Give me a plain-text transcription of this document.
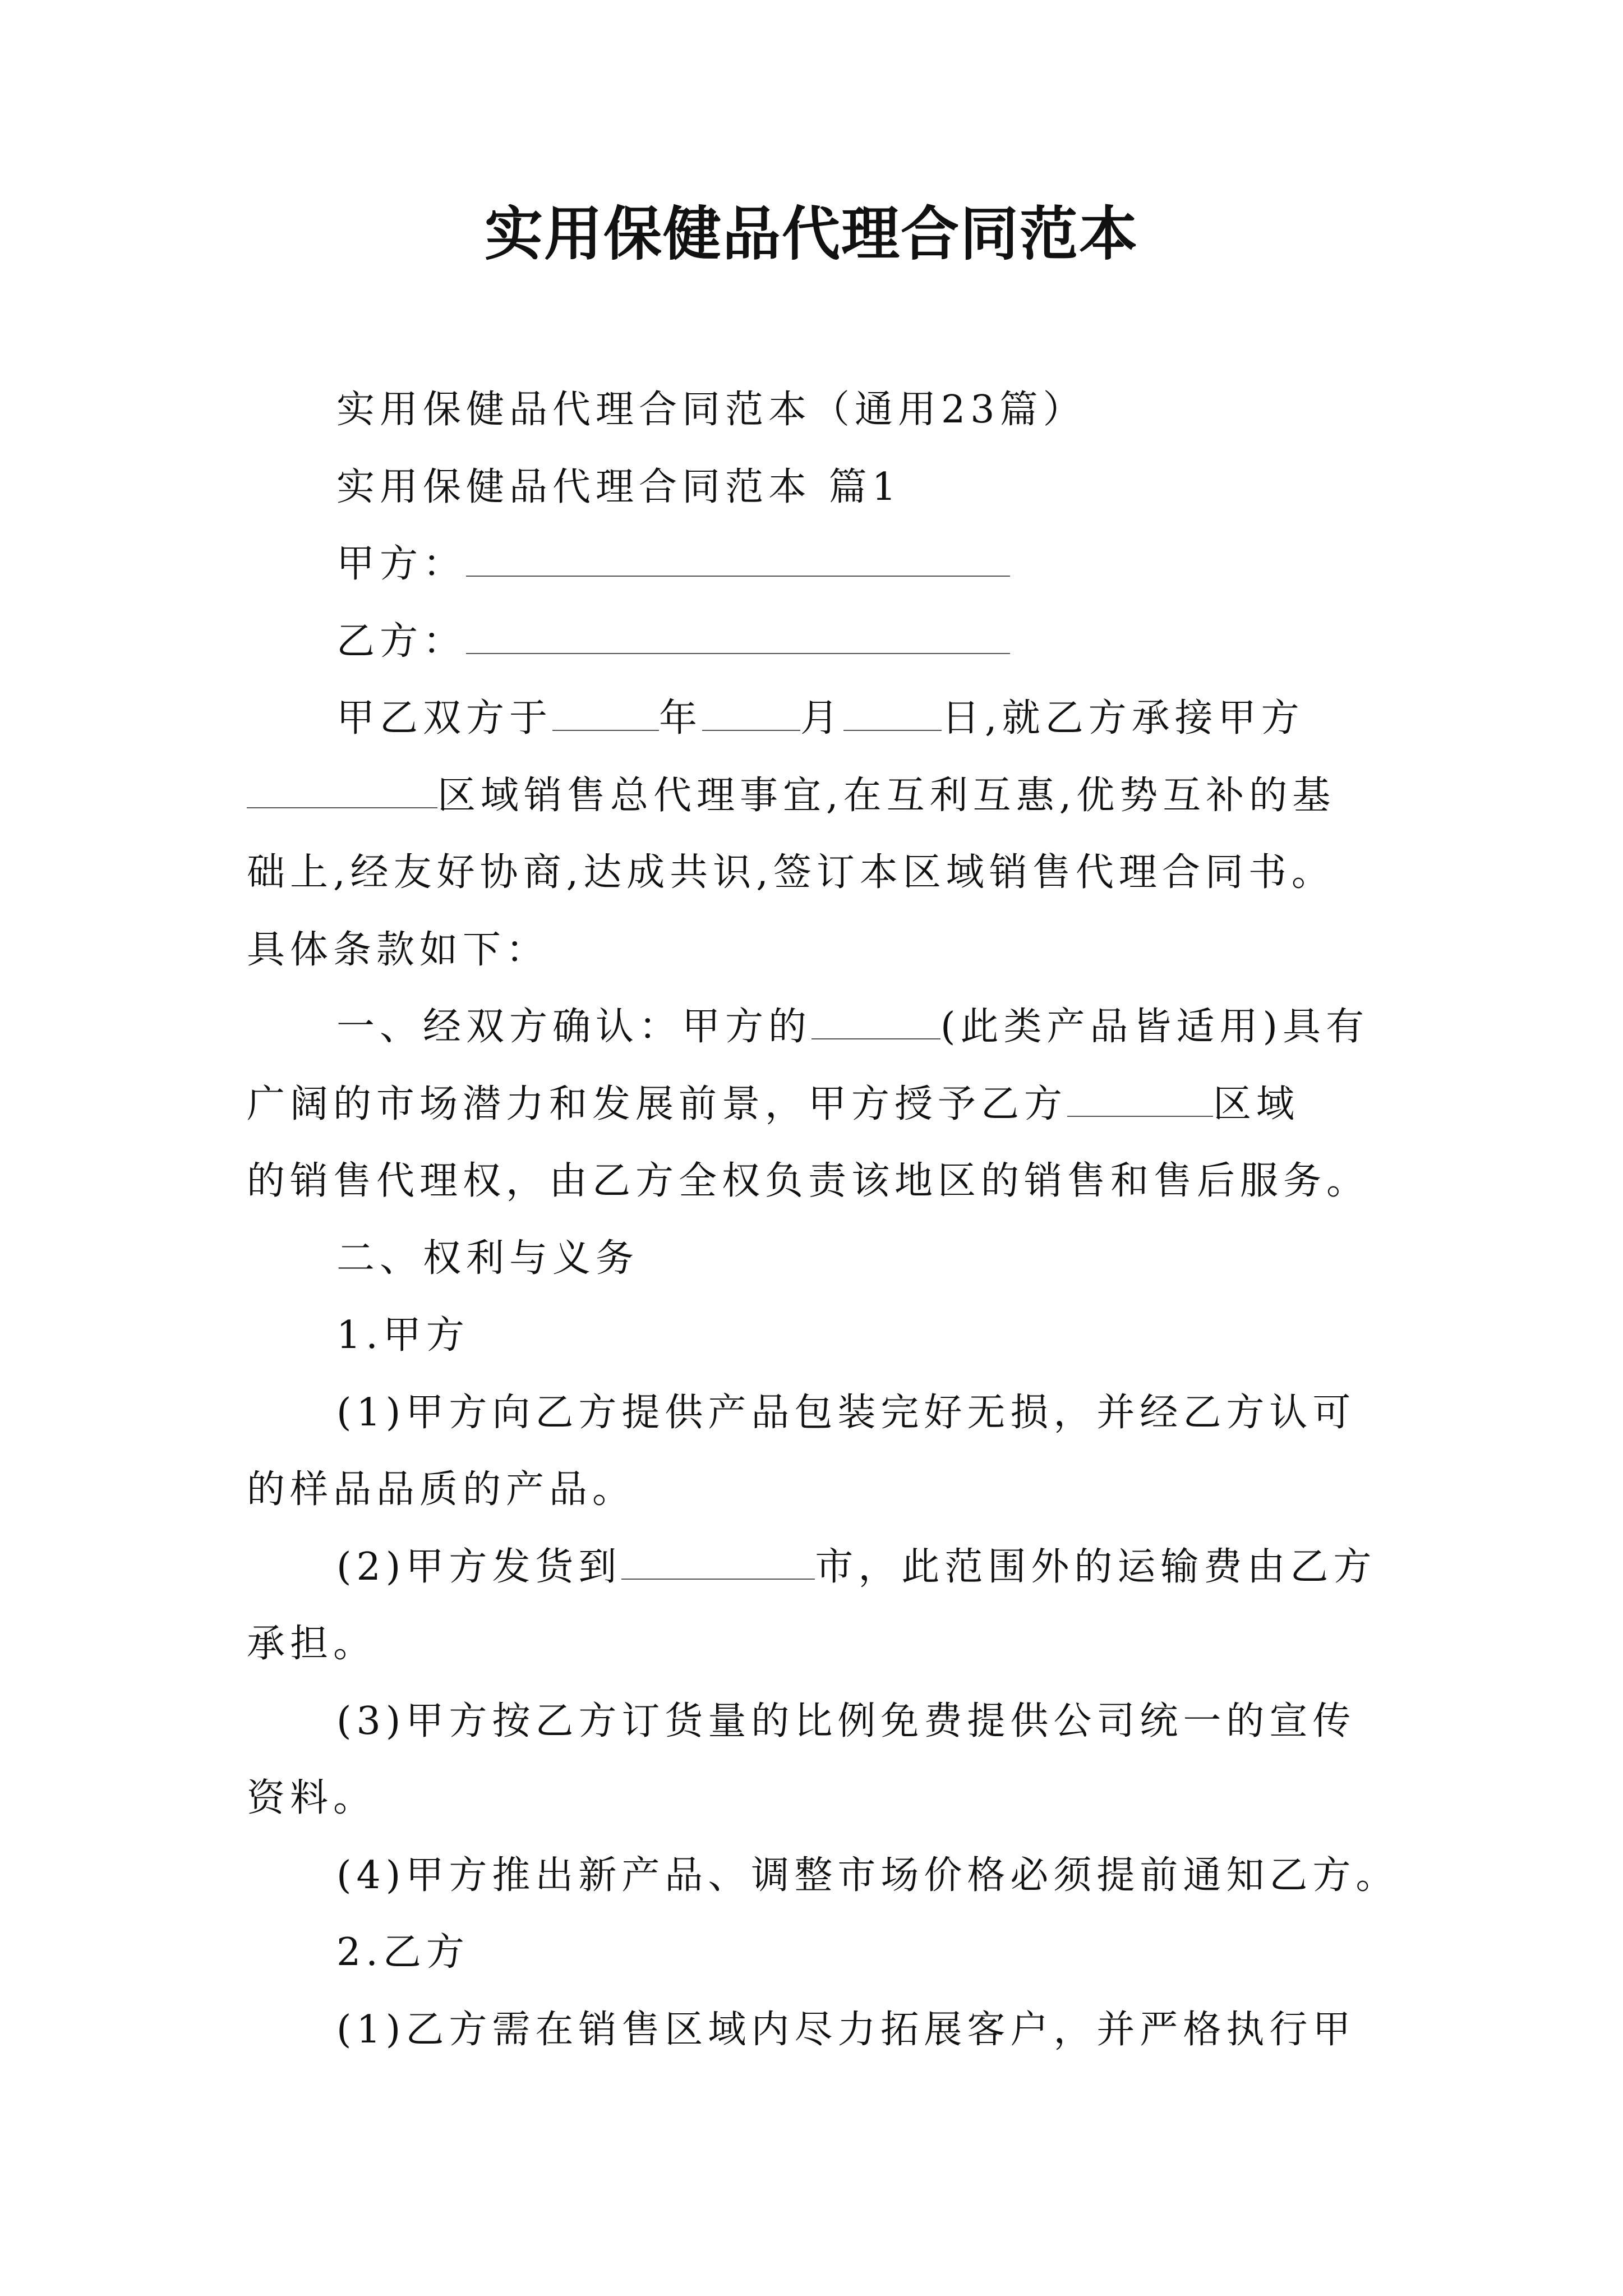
实用保健品代理合同范本
实用保健品代理合同范本（通用23篇）
实用保健品代理合同范本 篇1
甲方：
乙方：
甲乙双方于	年	月	日,就乙方承接甲方
区域销售总代理事宜,在互利互惠,优势互补的基
础上,经友好协商,达成共识,签订本区域销售代理合同书。
具体条款如下：
一、经双方确认：甲方的	(此类产品皆适用)具有
广阔的市场潜力和发展前景，甲方授予乙方	区域
的销售代理权，由乙方全权负责该地区的销售和售后服务。
二、权利与义务
1.甲方
(1)甲方向乙方提供产品包装完好无损，并经乙方认可
的样品品质的产品。
(2)甲方发货到	市，此范围外的运输费由乙方
承担。
(3)甲方按乙方订货量的比例免费提供公司统一的宣传
资料。
(4)甲方推出新产品、调整市场价格必须提前通知乙方。
2.乙方
(1)乙方需在销售区域内尽力拓展客户，并严格执行甲
